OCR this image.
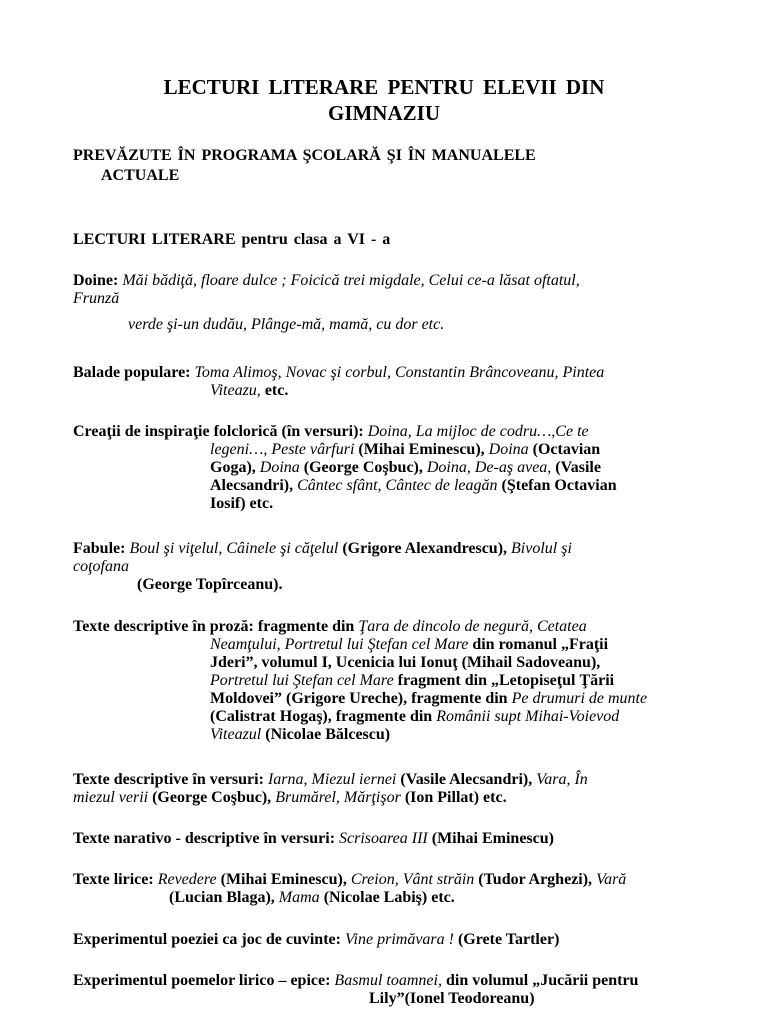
LECTURI LITERARE PENTRU ELEVII DIN
GIMNAZIU
PREVĂZUTE ÎN PROGRAMA ŞCOLARĂ ŞI ÎN MANUALELE
ACTUALE
LECTURI LITERARE pentru clasa a VI - a
Doine: Măi bădiţă, floare dulce ; Foicică trei migdale, Celui ce-a lăsat oftatul,
Frunză
verde şi-un dudău, Plânge-mă, mamă, cu dor etc.
Balade populare: Toma Alimoş, Novac şi corbul, Constantin Brâncoveanu, Pintea
Viteazu, etc.
Creaţii de inspiraţie folclorică (în versuri): Doina, La mijloc de codru…,Ce te
legeni…, Peste vârfuri (Mihai Eminescu), Doina (Octavian
Goga), Doina (George Coşbuc), Doina, De-aş avea, (Vasile
Alecsandri), Cântec sfânt, Cântec de leagăn (Ştefan Octavian
Iosif) etc.
Fabule: Boul şi viţelul, Câinele şi căţelul (Grigore Alexandrescu), Bivolul şi
coţofana
(George Topîrceanu).
Texte descriptive în proză: fragmente din Ţara de dincolo de negură, Cetatea
Neamţului, Portretul lui Ştefan cel Mare din romanul „Fraţii
Jderi”, volumul I, Ucenicia lui Ionuţ (Mihail Sadoveanu),
Portretul lui Ştefan cel Mare fragment din „Letopiseţul Ţării
Moldovei” (Grigore Ureche), fragmente din Pe drumuri de munte
(Calistrat Hogaş), fragmente din Românii supt Mihai-Voievod
Viteazul (Nicolae Bălcescu)
Texte descriptive în versuri: Iarna, Miezul iernei (Vasile Alecsandri), Vara, În
miezul verii (George Coşbuc), Brumărel, Mărţişor (Ion Pillat) etc.
Texte narativo - descriptive în versuri: Scrisoarea III (Mihai Eminescu)
Texte lirice: Revedere (Mihai Eminescu), Creion, Vânt străin (Tudor Arghezi), Vară
(Lucian Blaga), Mama (Nicolae Labiş) etc.
Experimentul poeziei ca joc de cuvinte: Vine primăvara ! (Grete Tartler)
Experimentul poemelor lirico – epice: Basmul toamnei, din volumul „Jucării pentru
Lily”(Ionel Teodoreanu)
